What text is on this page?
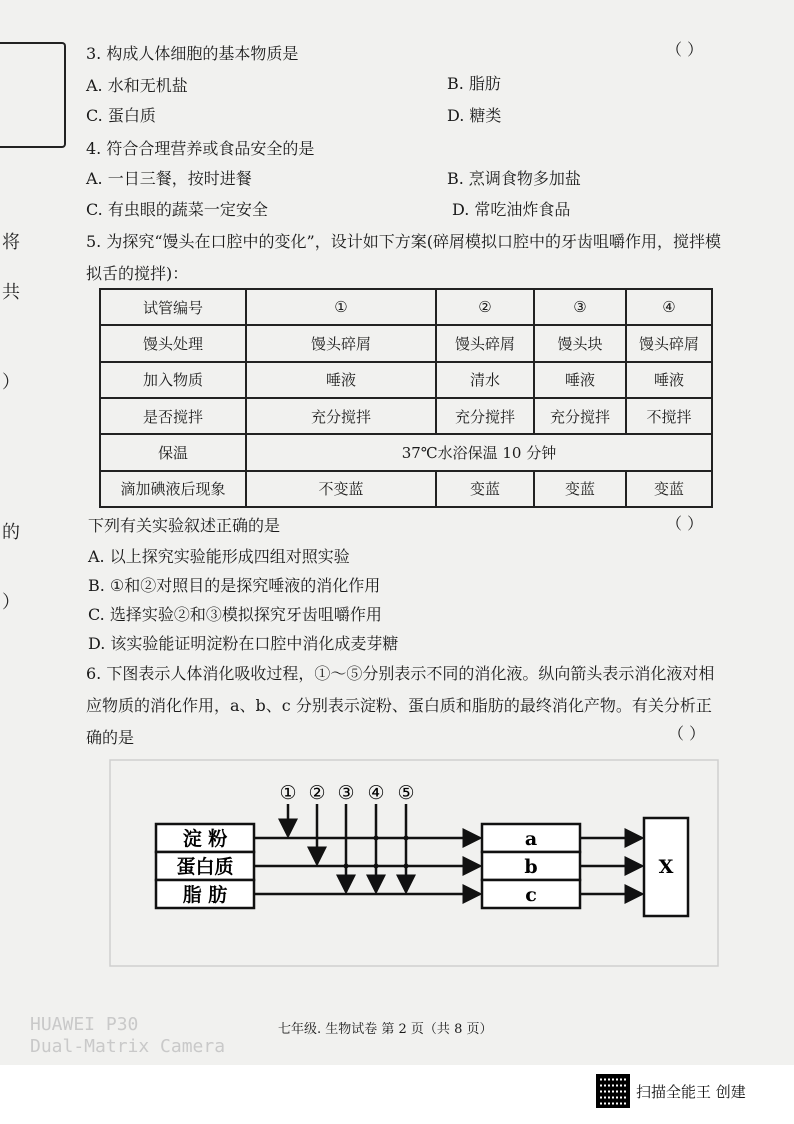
将
共
）
的
）
3. 构成人体细胞的基本物质是	（ ）
A. 水和无机盐	B. 脂肪
C. 蛋白质	D. 糖类
4. 符合合理营养或食品安全的是
A. 一日三餐，按时进餐	B. 烹调食物多加盐
C. 有虫眼的蔬菜一定安全	D. 常吃油炸食品
5. 为探究“馒头在口腔中的变化”，设计如下方案(碎屑模拟口腔中的牙齿咀嚼作用，搅拌模拟舌的搅拌)：
试管编号	①	②	③	④
馒头处理	馒头碎屑	馒头碎屑	馒头块	馒头碎屑
加入物质	唾液	清水	唾液	唾液
是否搅拌	充分搅拌	充分搅拌	充分搅拌	不搅拌
保温	37℃水浴保温 10 分钟			
滴加碘液后现象	不变蓝	变蓝	变蓝	变蓝
下列有关实验叙述正确的是	（ ）
A. 以上探究实验能形成四组对照实验
B. ①和②对照目的是探究唾液的消化作用
C. 选择实验②和③模拟探究牙齿咀嚼作用
D. 该实验能证明淀粉在口腔中消化成麦芽糖
6. 下图表示人体消化吸收过程，①～⑤分别表示不同的消化液。纵向箭头表示消化液对相应物质的消化作用，a、b、c 分别表示淀粉、蛋白质和脂肪的最终消化产物。有关分析正确的是	（ ）
淀 粉
蛋白质
脂 肪
① ② ③ ④ ⑤
a
b
c
X
HUAWEI P30
Dual-Matrix Camera
七年级. 生物试卷 第 2 页（共 8 页）
扫描全能王 创建
